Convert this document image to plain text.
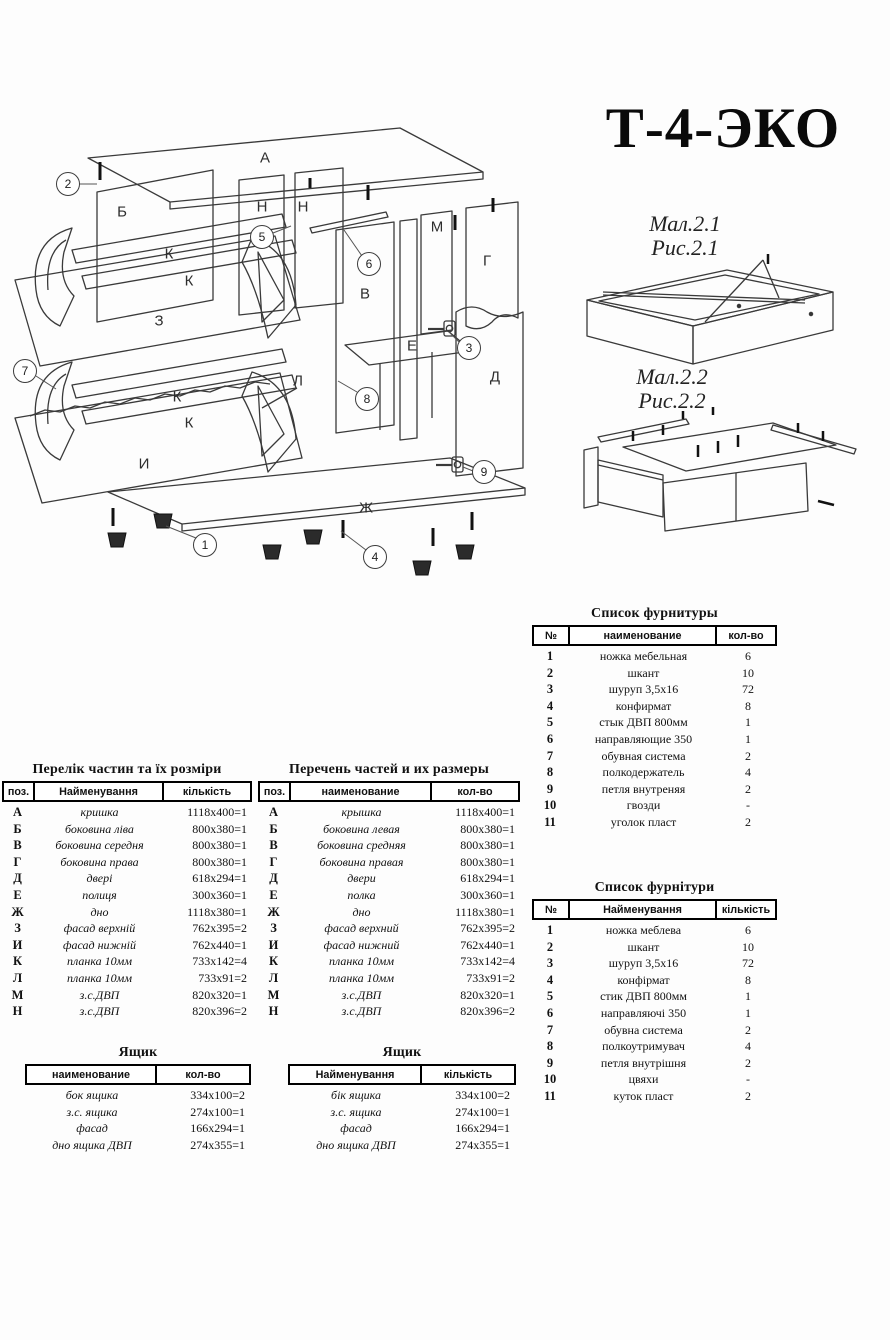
Т-4-ЭКО
А
Б	Н Н
М
Г
В
Е
Д
З
К
К
К
К
Л
И
Ж
1
2
3
4
5
6
7
8
9
Мал.2.1
Рис.2.1
Мал.2.2
Рис.2.2
Список фурнитуры
№	наименование	кол-во
1	ножка мебельная	6
2	шкант	10
3	шуруп 3,5х16	72
4	конфирмат	8
5	стык ДВП 800мм	1
6	направляющие 350	1
7	обувная система	2
8	полкодержатель	4
9	петля внутреняя	2
10	гвозди	-
11	уголок пласт	2
Перелік частин та їх розміри
поз.	Найменування	кількість
А	кришка	1118x400=1
Б	боковина ліва	800x380=1
В	боковина середня	800x380=1
Г	боковина права	800x380=1
Д	двері	618x294=1
Е	полиця	300x360=1
Ж	дно	1118x380=1
З	фасад верхній	762x395=2
И	фасад нижній	762x440=1
К	планка 10мм	733x142=4
Л	планка 10мм	733x91=2
М	з.с.ДВП	820x320=1
Н	з.с.ДВП	820x396=2
Перечень частей и их размеры
поз.	наименование	кол-во
А	крышка	1118x400=1
Б	боковина левая	800x380=1
В	боковина средняя	800x380=1
Г	боковина правая	800x380=1
Д	двери	618x294=1
Е	полка	300x360=1
Ж	дно	1118x380=1
З	фасад верхний	762x395=2
И	фасад нижний	762x440=1
К	планка 10мм	733x142=4
Л	планка 10мм	733x91=2
М	з.с.ДВП	820x320=1
Н	з.с.ДВП	820x396=2
Список фурнітури
№	Найменування	кількість
1	ножка меблева	6
2	шкант	10
3	шуруп 3,5х16	72
4	конфірмат	8
5	стик ДВП 800мм	1
6	направляючі 350	1
7	обувна система	2
8	полкоутримувач	4
9	петля внутрішня	2
10	цвяхи	-
11	куток пласт	2
Ящик
наименование	кол-во
бок ящика	334x100=2
з.с. ящика	274x100=1
фасад	166x294=1
дно ящика ДВП	274x355=1
Ящик
Найменування	кількість
бік ящика	334x100=2
з.с. ящика	274x100=1
фасад	166x294=1
дно ящика ДВП	274x355=1
